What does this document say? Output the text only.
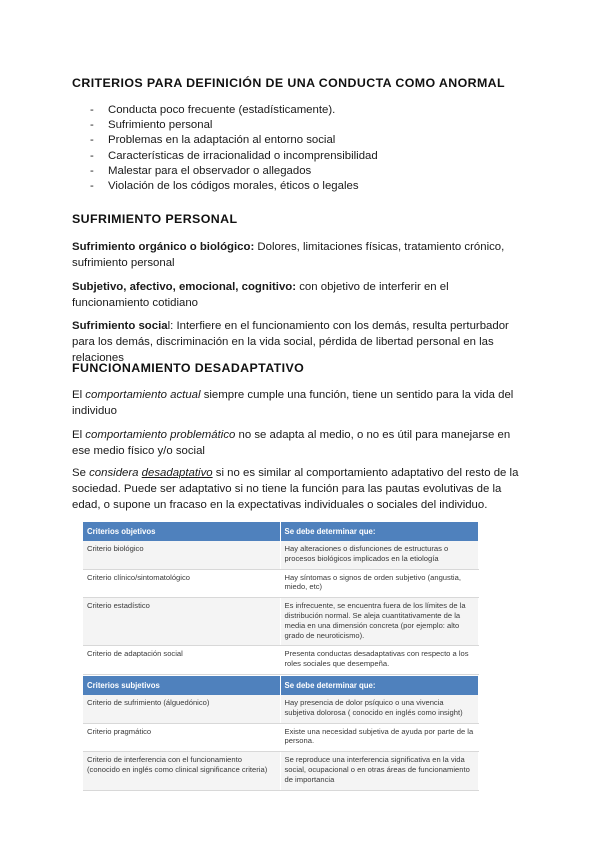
CRITERIOS PARA DEFINICIÓN DE UNA CONDUCTA COMO ANORMAL
- Conducta poco frecuente (estadísticamente).
- Sufrimiento personal
- Problemas en la adaptación al entorno social
- Características de irracionalidad o incomprensibilidad
- Malestar para el observador o allegados
- Violación de los códigos morales, éticos o legales
SUFRIMIENTO PERSONAL

Sufrimiento orgánico o biológico: Dolores, limitaciones físicas, tratamiento crónico, sufrimiento personal

Subjetivo, afectivo, emocional, cognitivo: con objetivo de interferir en el funcionamiento cotidiano

Sufrimiento social: Interfiere en el funcionamiento con los demás, resulta perturbador para los demás, discriminación en la vida social, pérdida de libertad personal en las relaciones

FUNCIONAMIENTO DESADAPTATIVO

El comportamiento actual siempre cumple una función, tiene un sentido para la vida del individuo

El comportamiento problemático no se adapta al medio, o no es útil para manejarse en ese medio físico y/o social

Se considera desadaptativo si no es similar al comportamiento adaptativo del resto de la sociedad. Puede ser adaptativo si no tiene la función para las pautas evolutivas de la edad, o supone un fracaso en la expectativas individuales o sociales del individuo.

Criterios objetivos	Se debe determinar que:
Criterio biológico	Hay alteraciones o disfunciones de estructuras o procesos biológicos implicados en la etiología
Criterio clínico/sintomatológico	Hay síntomas o signos de orden subjetivo (angustia, miedo, etc)
Criterio estadístico	Es infrecuente, se encuentra fuera de los límites de la distribución normal. Se aleja cuantitativamente de la media en una dimensión concreta (por ejemplo: alto grado de neuroticismo).
Criterio de adaptación social	Presenta conductas desadaptativas con respecto a los roles sociales que desempeña.
Criterios subjetivos	Se debe determinar que:
Criterio de sufrimiento (álguedónico)	Hay presencia de dolor psíquico o una vivencia subjetiva dolorosa ( conocido en inglés como insight)
Criterio pragmático	Existe una necesidad subjetiva de ayuda por parte de la persona.
Criterio de interferencia con el funcionamiento (conocido en inglés como clinical significance criteria)	Se reproduce una interferencia significativa en la vida social, ocupacional o en otras áreas de funcionamiento de importancia
